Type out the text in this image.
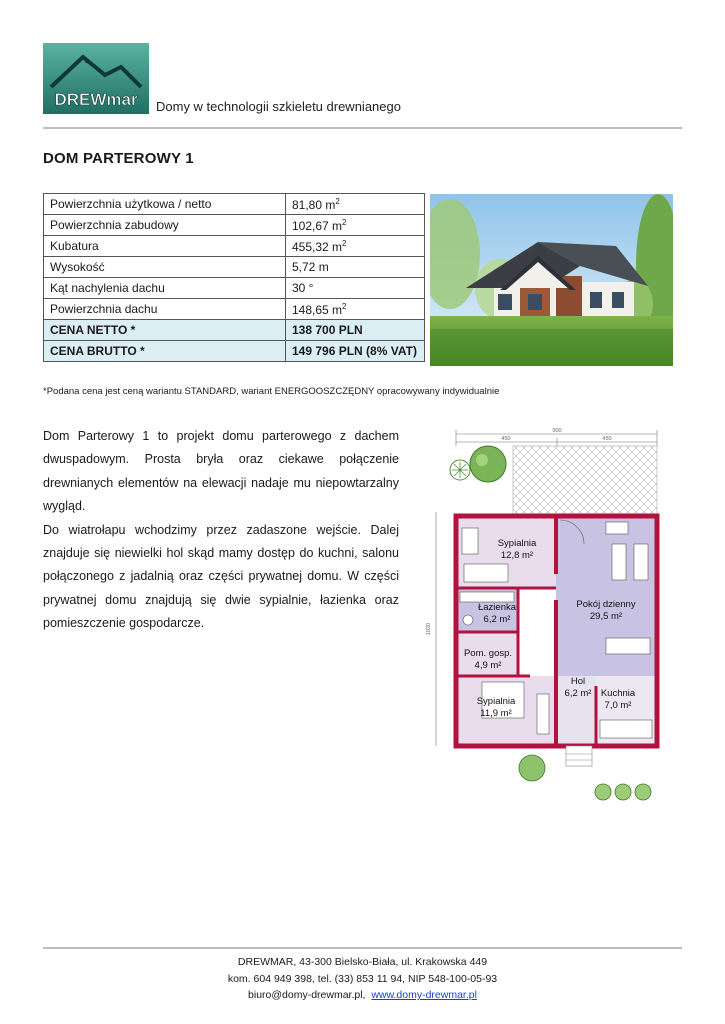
DREWmar Domy w technologii szkieletu drewnianego
DOM PARTEROWY 1
Powierzchnia użytkowa / netto	81,80 $m^2$
Powierzchnia zabudowy	102,67 $m^2$
Kubatura	455,32 $m^2$
Wysokość	5,72 m
Kąt nachylenia dachu	30 °
Powierzchnia dachu	148,65 $m^2$
CENA NETTO *	138 700 PLN
CENA BRUTTO *	149 796 PLN (8% VAT)
*Podana cena jest ceną wariantu STANDARD, wariant ENERGOOSZCZĘDNY opracowywany indywidualnie

Dom Parterowy 1 to projekt domu parterowego z dachem

dwuspadowym. Prosta bryła oraz ciekawe połączenie

drewnianych elementów na elewacji nadaje mu niepowtarzalny

wygląd.

Do wiatrołapu wchodzimy przez zadaszone wejście. Dalej

znajduje się niewielki hol skąd mamy dostęp do kuchni, salonu

połączonego z jadalnią oraz części prywatnej domu. W części

prywatnej domu znajdują się dwie sypialnie, łazienka oraz

pomieszczenie gospodarcze.

900
450	450
1020
Sypialnia
12,8 m²
Łazienka
6,2 m²
Pom. gosp.
4,9 m²
Sypialnia
11,9 m²
Pokój dzienny
29,5 m²
Hol
6,2 m² Kuchnia
7,0 m²
DREWMAR, 43-300 Bielsko-Biała, ul. Krakowska 449
kom. 604 949 398, tel. (33) 853 11 94, NIP 548-100-05-93
biuro@domy-drewmar.pl, www.domy-drewmar.pl
